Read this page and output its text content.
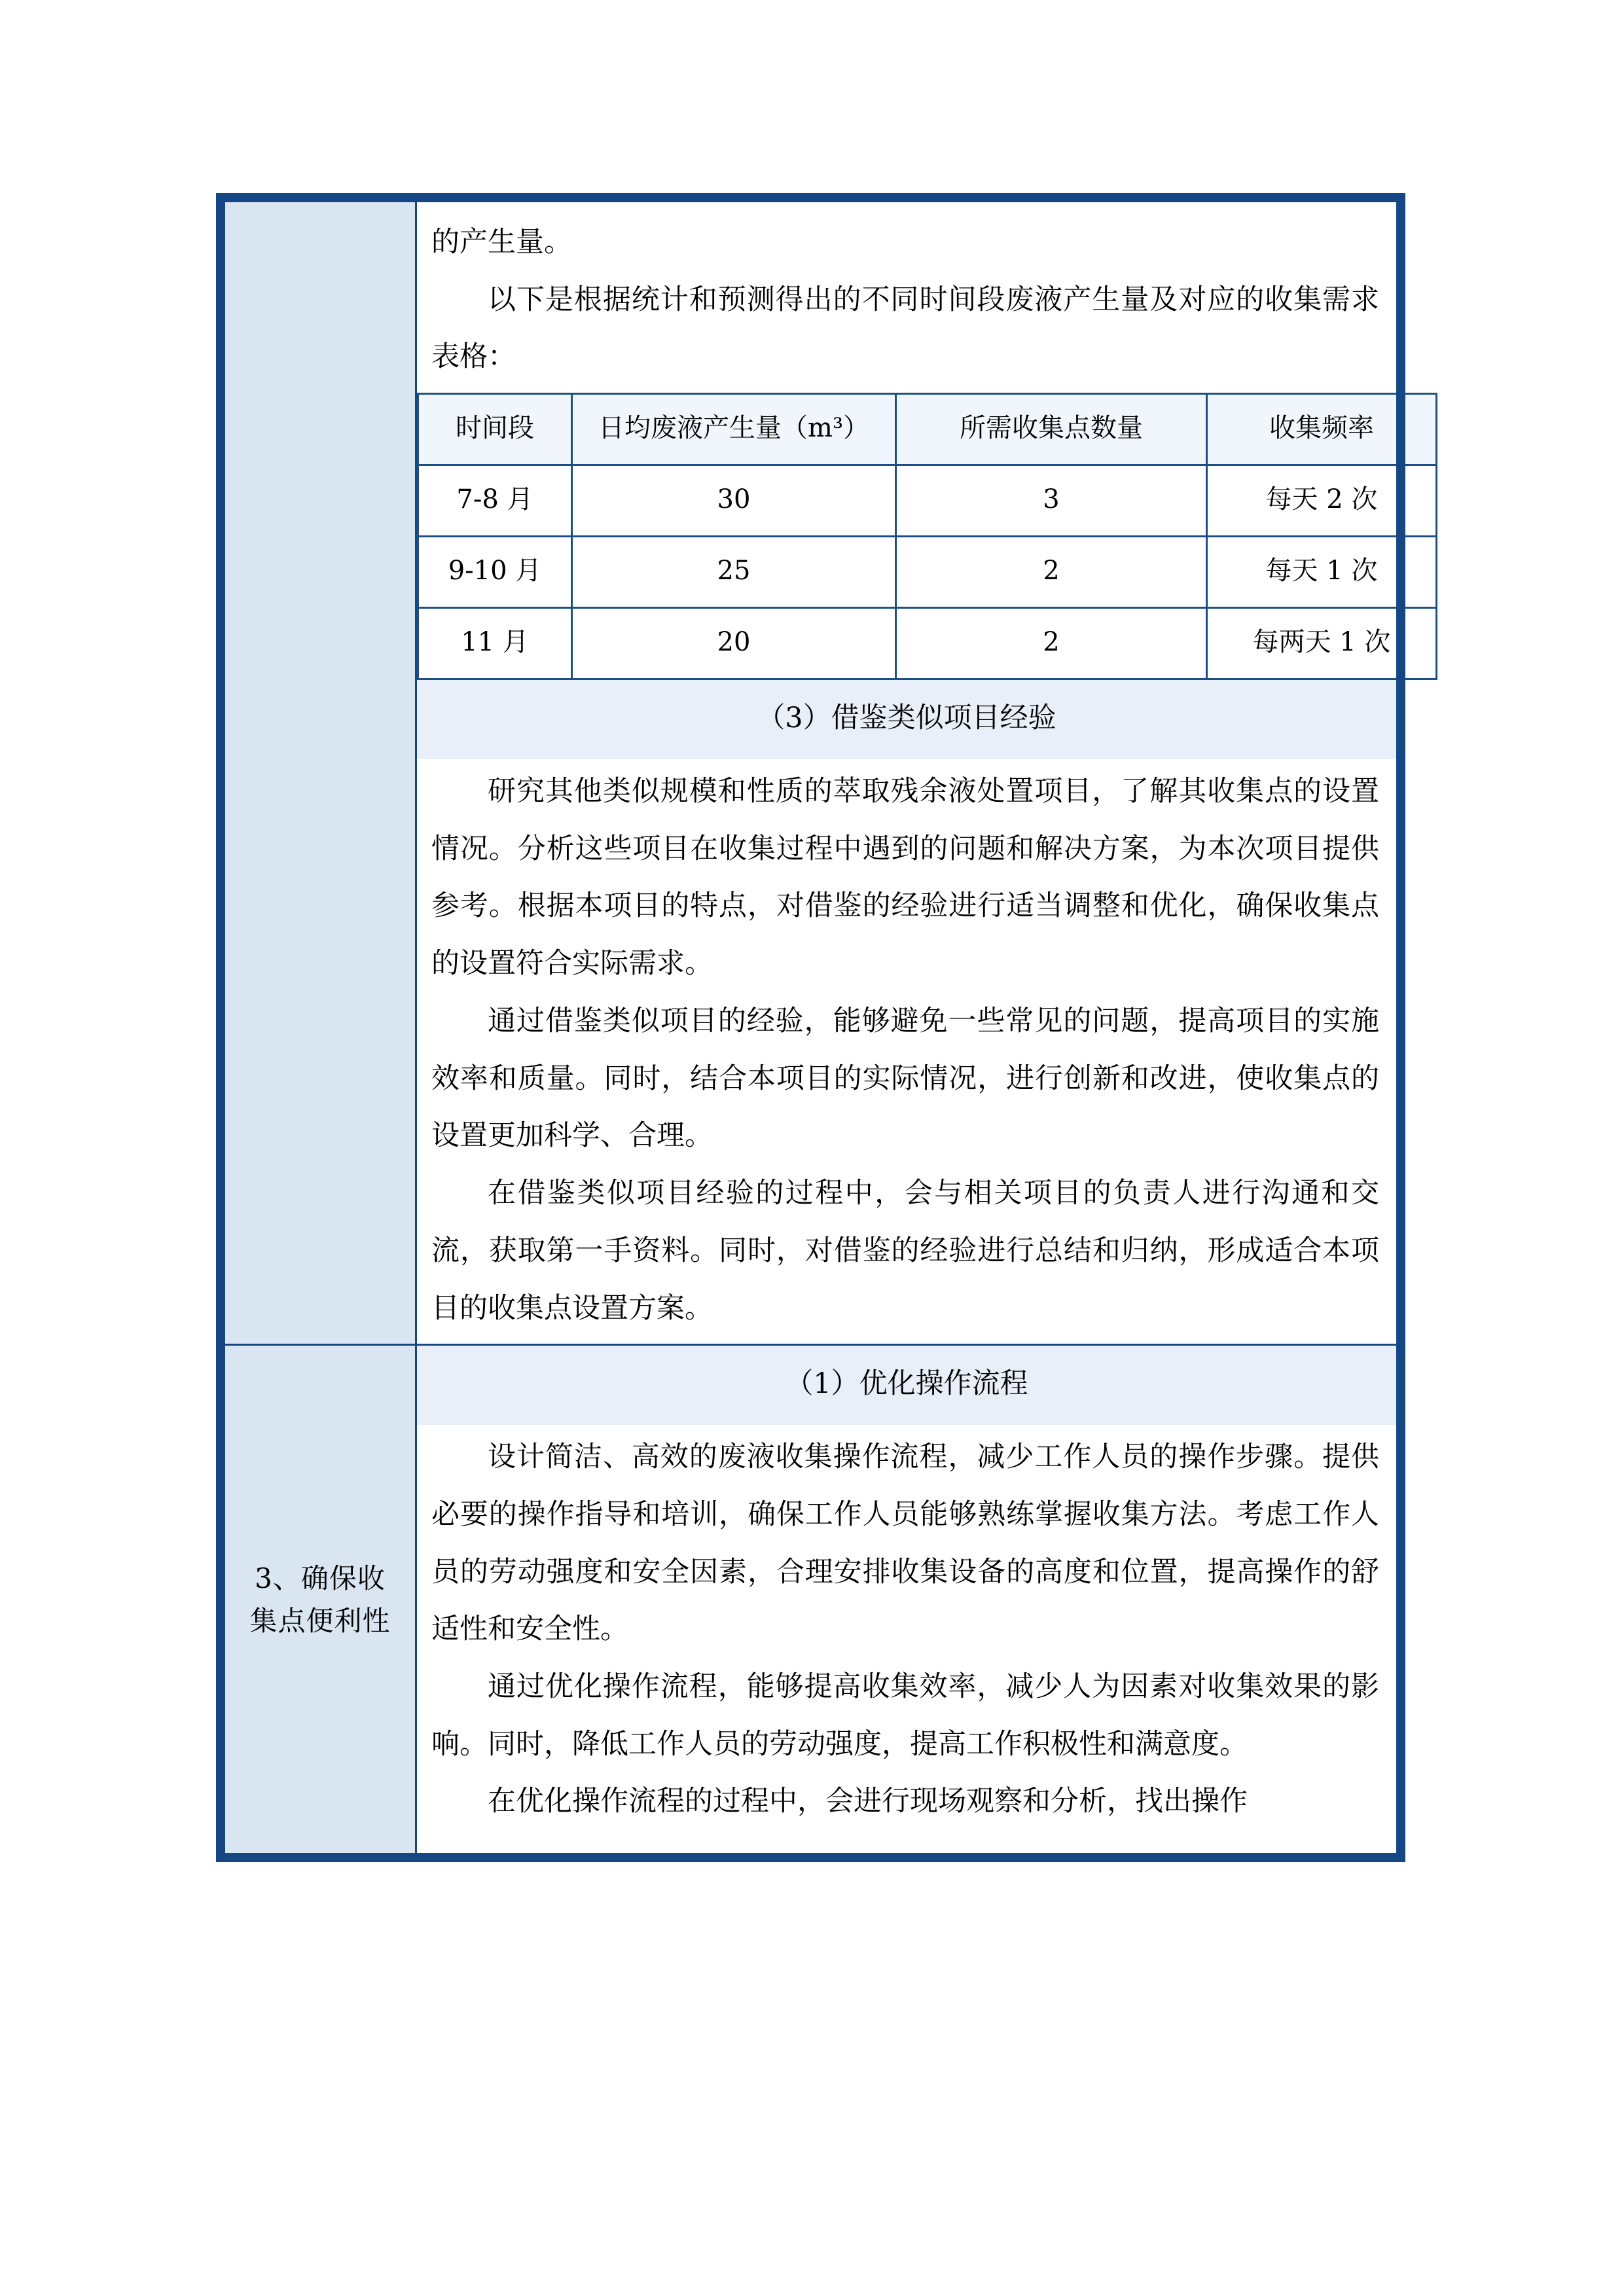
的产生量。

以下是根据统计和预测得出的不同时间段废液产生量及对应的收集需求表格：

时间段	日均废液产生量（m³）	所需收集点数量	收集频率
7-8 月	30	3	每天 2 次
9-10 月	25	2	每天 1 次
11 月	20	2	每两天 1 次
（3）借鉴类似项目经验

研究其他类似规模和性质的萃取残余液处置项目，了解其收集点的设置情况。分析这些项目在收集过程中遇到的问题和解决方案，为本次项目提供参考。根据本项目的特点，对借鉴的经验进行适当调整和优化，确保收集点的设置符合实际需求。

通过借鉴类似项目的经验，能够避免一些常见的问题，提高项目的实施效率和质量。同时，结合本项目的实际情况，进行创新和改进，使收集点的设置更加科学、合理。

在借鉴类似项目经验的过程中，会与相关项目的负责人进行沟通和交流，获取第一手资料。同时，对借鉴的经验进行总结和归纳，形成适合本项目的收集点设置方案。

3、确保收集点便利性

（1）优化操作流程

设计简洁、高效的废液收集操作流程，减少工作人员的操作步骤。提供必要的操作指导和培训，确保工作人员能够熟练掌握收集方法。考虑工作人员的劳动强度和安全因素，合理安排收集设备的高度和位置，提高操作的舒适性和安全性。

通过优化操作流程，能够提高收集效率，减少人为因素对收集效果的影响。同时，降低工作人员的劳动强度，提高工作积极性和满意度。

在优化操作流程的过程中，会进行现场观察和分析，找出操作
